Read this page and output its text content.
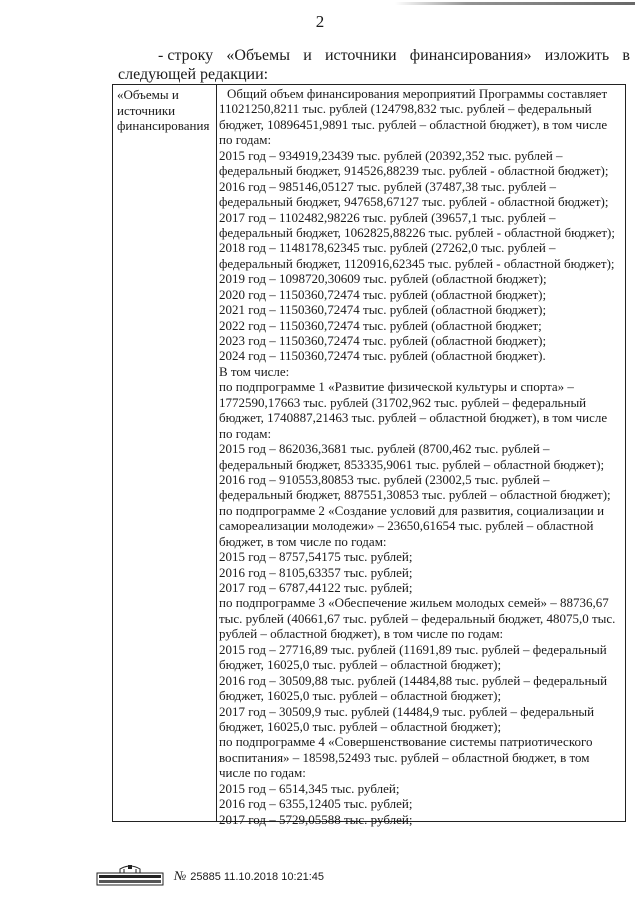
2
- строку «Объемы и источники финансирования» изложить в
следующей редакции:
«Объемы и
источники
финансирования
Общий объем финансирования мероприятий Программы составляет
11021250,8211 тыс. рублей (124798,832 тыс. рублей – федеральный
бюджет, 10896451,9891 тыс. рублей – областной бюджет), в том числе
по годам:
2015 год – 934919,23439 тыс. рублей (20392,352 тыс. рублей –
федеральный бюджет, 914526,88239 тыс. рублей - областной бюджет);
2016 год – 985146,05127 тыс. рублей (37487,38 тыс. рублей –
федеральный бюджет, 947658,67127 тыс. рублей - областной бюджет);
2017 год – 1102482,98226 тыс. рублей (39657,1 тыс. рублей –
федеральный бюджет, 1062825,88226 тыс. рублей - областной бюджет);
2018 год – 1148178,62345 тыс. рублей (27262,0 тыс. рублей –
федеральный бюджет, 1120916,62345 тыс. рублей - областной бюджет);
2019 год – 1098720,30609 тыс. рублей (областной бюджет);
2020 год – 1150360,72474 тыс. рублей (областной бюджет);
2021 год – 1150360,72474 тыс. рублей (областной бюджет);
2022 год – 1150360,72474 тыс. рублей (областной бюджет;
2023 год – 1150360,72474 тыс. рублей (областной бюджет);
2024 год – 1150360,72474 тыс. рублей (областной бюджет).
В том числе:
по подпрограмме 1 «Развитие физической культуры и спорта» –
1772590,17663 тыс. рублей (31702,962 тыс. рублей – федеральный
бюджет, 1740887,21463 тыс. рублей – областной бюджет), в том числе
по годам:
2015 год – 862036,3681 тыс. рублей (8700,462 тыс. рублей –
федеральный бюджет, 853335,9061 тыс. рублей – областной бюджет);
2016 год – 910553,80853 тыс. рублей (23002,5 тыс. рублей –
федеральный бюджет, 887551,30853 тыс. рублей – областной бюджет);
по подпрограмме 2 «Создание условий для развития, социализации и
самореализации молодежи» – 23650,61654 тыс. рублей – областной
бюджет, в том числе по годам:
2015 год – 8757,54175 тыс. рублей;
2016 год – 8105,63357 тыс. рублей;
2017 год – 6787,44122 тыс. рублей;
по подпрограмме 3 «Обеспечение жильем молодых семей» – 88736,67
тыс. рублей (40661,67 тыс. рублей – федеральный бюджет, 48075,0 тыс.
рублей – областной бюджет), в том числе по годам:
2015 год – 27716,89 тыс. рублей (11691,89 тыс. рублей – федеральный
бюджет, 16025,0 тыс. рублей – областной бюджет);
2016 год – 30509,88 тыс. рублей (14484,88 тыс. рублей – федеральный
бюджет, 16025,0 тыс. рублей – областной бюджет);
2017 год – 30509,9 тыс. рублей (14484,9 тыс. рублей – федеральный
бюджет, 16025,0 тыс. рублей – областной бюджет);
по подпрограмме 4 «Совершенствование системы патриотического
воспитания» – 18598,52493 тыс. рублей – областной бюджет, в том
числе по годам:
2015 год – 6514,345 тыс. рублей;
2016 год – 6355,12405 тыс. рублей;
2017 год – 5729,05588 тыс. рублей;
№ 25885 11.10.2018 10:21:45
